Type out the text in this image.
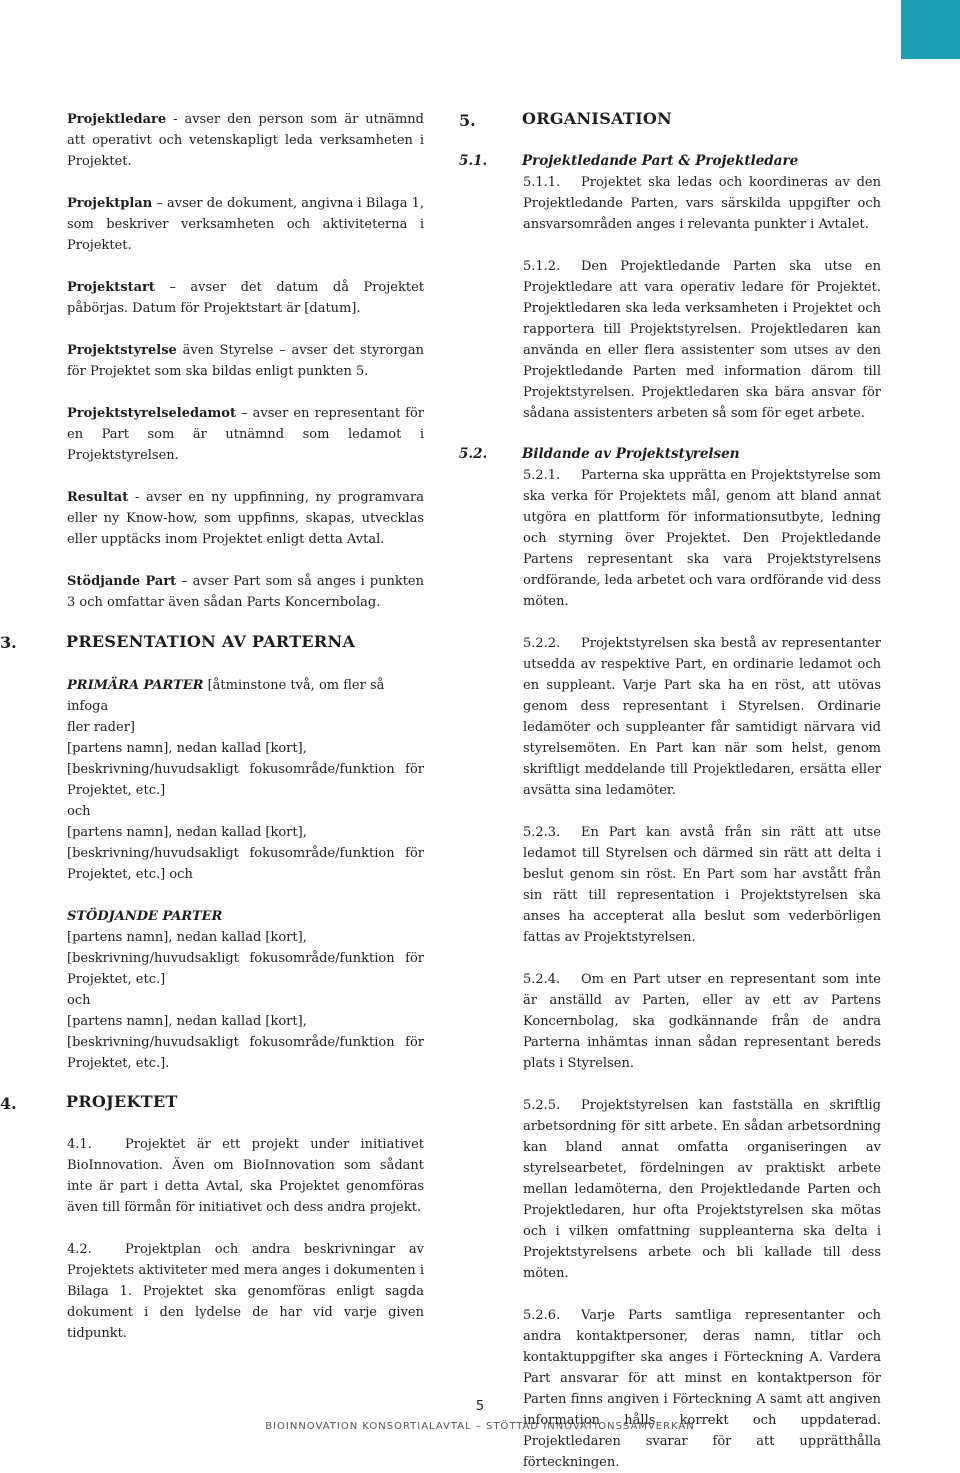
Projektledare - avser den person som är utnämnd att operativt och vetenskapligt leda verksamheten i Projektet.

Projektplan – avser de dokument, angivna i Bilaga 1, som beskriver verksamheten och aktiviteterna i Projektet.

Projektstart – avser det datum då Projektet påbörjas. Datum för Projektstart är [datum].

Projektstyrelse även Styrelse – avser det styrorgan för Projektet som ska bildas enligt punkten 5.

Projektstyrelseledamot – avser en representant för en Part som är utnämnd som ledamot i Projektstyrelsen.

Resultat - avser en ny uppfinning, ny programvara eller ny Know-how, som uppfinns, skapas, utvecklas eller upptäcks inom Projektet enligt detta Avtal.

Stödjande Part – avser Part som så anges i punkten 3 och omfattar även sådan Parts Koncernbolag.

3.	PRESENTATION AV PARTERNA
PRIMÄRA PARTER [åtminstone två, om fler så infoga
fler rader]
[partens namn], nedan kallad [kort],
[beskrivning/huvudsakligt fokusområde/funktion för
Projektet, etc.]
och
[partens namn], nedan kallad [kort],
[beskrivning/huvudsakligt fokusområde/funktion för
Projektet, etc.] och
STÖDJANDE PARTER
[partens namn], nedan kallad [kort],
[beskrivning/huvudsakligt fokusområde/funktion för
Projektet, etc.]
och
[partens namn], nedan kallad [kort],
[beskrivning/huvudsakligt fokusområde/funktion för
Projektet, etc.].
4.	PROJEKTET

4.1.	Projektet är ett projekt under initiativet BioInnovation. Även om BioInnovation som sådant inte är part i detta Avtal, ska Projektet genomföras även till förmån för initiativet och dess andra projekt.

4.2.	Projektplan och andra beskrivningar av Projektets aktiviteter med mera anges i dokumenten i Bilaga 1. Projektet ska genomföras enligt sagda dokument i den lydelse de har vid varje given tidpunkt.

5.	ORGANISATION
5.1.	Projektledande Part & Projektledare

5.1.1. Projektet ska ledas och koordineras av den Projektledande Parten, vars särskilda uppgifter och ansvarsområden anges i relevanta punkter i Avtalet.

5.1.2. Den Projektledande Parten ska utse en Projektledare att vara operativ ledare för Projektet. Projektledaren ska leda verksamheten i Projektet och rapportera till Projektstyrelsen. Projektledaren kan använda en eller flera assistenter som utses av den Projektledande Parten med information därom till Projektstyrelsen. Projektledaren ska bära ansvar för sådana assistenters arbeten så som för eget arbete.

5.2.	Bildande av Projektstyrelsen

5.2.1. Parterna ska upprätta en Projektstyrelse som ska verka för Projektets mål, genom att bland annat utgöra en plattform för informationsutbyte, ledning och styrning över Projektet. Den Projektledande Partens representant ska vara Projektstyrelsens ordförande, leda arbetet och vara ordförande vid dess möten.

5.2.2. Projektstyrelsen ska bestå av representanter utsedda av respektive Part, en ordinarie ledamot och en suppleant. Varje Part ska ha en röst, att utövas genom dess representant i Styrelsen. Ordinarie ledamöter och suppleanter får samtidigt närvara vid styrelsemöten. En Part kan när som helst, genom skriftligt meddelande till Projektledaren, ersätta eller avsätta sina ledamöter.

5.2.3. En Part kan avstå från sin rätt att utse ledamot till Styrelsen och därmed sin rätt att delta i beslut genom sin röst. En Part som har avstått från sin rätt till representation i Projektstyrelsen ska anses ha accepterat alla beslut som vederbörligen fattas av Projektstyrelsen.

5.2.4. Om en Part utser en representant som inte är anställd av Parten, eller av ett av Partens Koncernbolag, ska godkännande från de andra Parterna inhämtas innan sådan representant bereds plats i Styrelsen.

5.2.5. Projektstyrelsen kan fastställa en skriftlig arbetsordning för sitt arbete. En sådan arbetsordning kan bland annat omfatta organiseringen av styrelsearbetet, fördelningen av praktiskt arbete mellan ledamöterna, den Projektledande Parten och Projektledaren, hur ofta Projektstyrelsen ska mötas och i vilken omfattning suppleanterna ska delta i Projektstyrelsens arbete och bli kallade till dess möten.

5.2.6. Varje Parts samtliga representanter och andra kontaktpersoner, deras namn, titlar och kontaktuppgifter ska anges i Förteckning A. Vardera Part ansvarar för att minst en kontaktperson för Parten finns angiven i Förteckning A samt att angiven information hålls korrekt och uppdaterad. Projektledaren svarar för att upprätthålla förteckningen.

5
BIOINNOVATION KONSORTIALAVTAL – STÖTTAD INNOVATIONSSAMVERKAN
